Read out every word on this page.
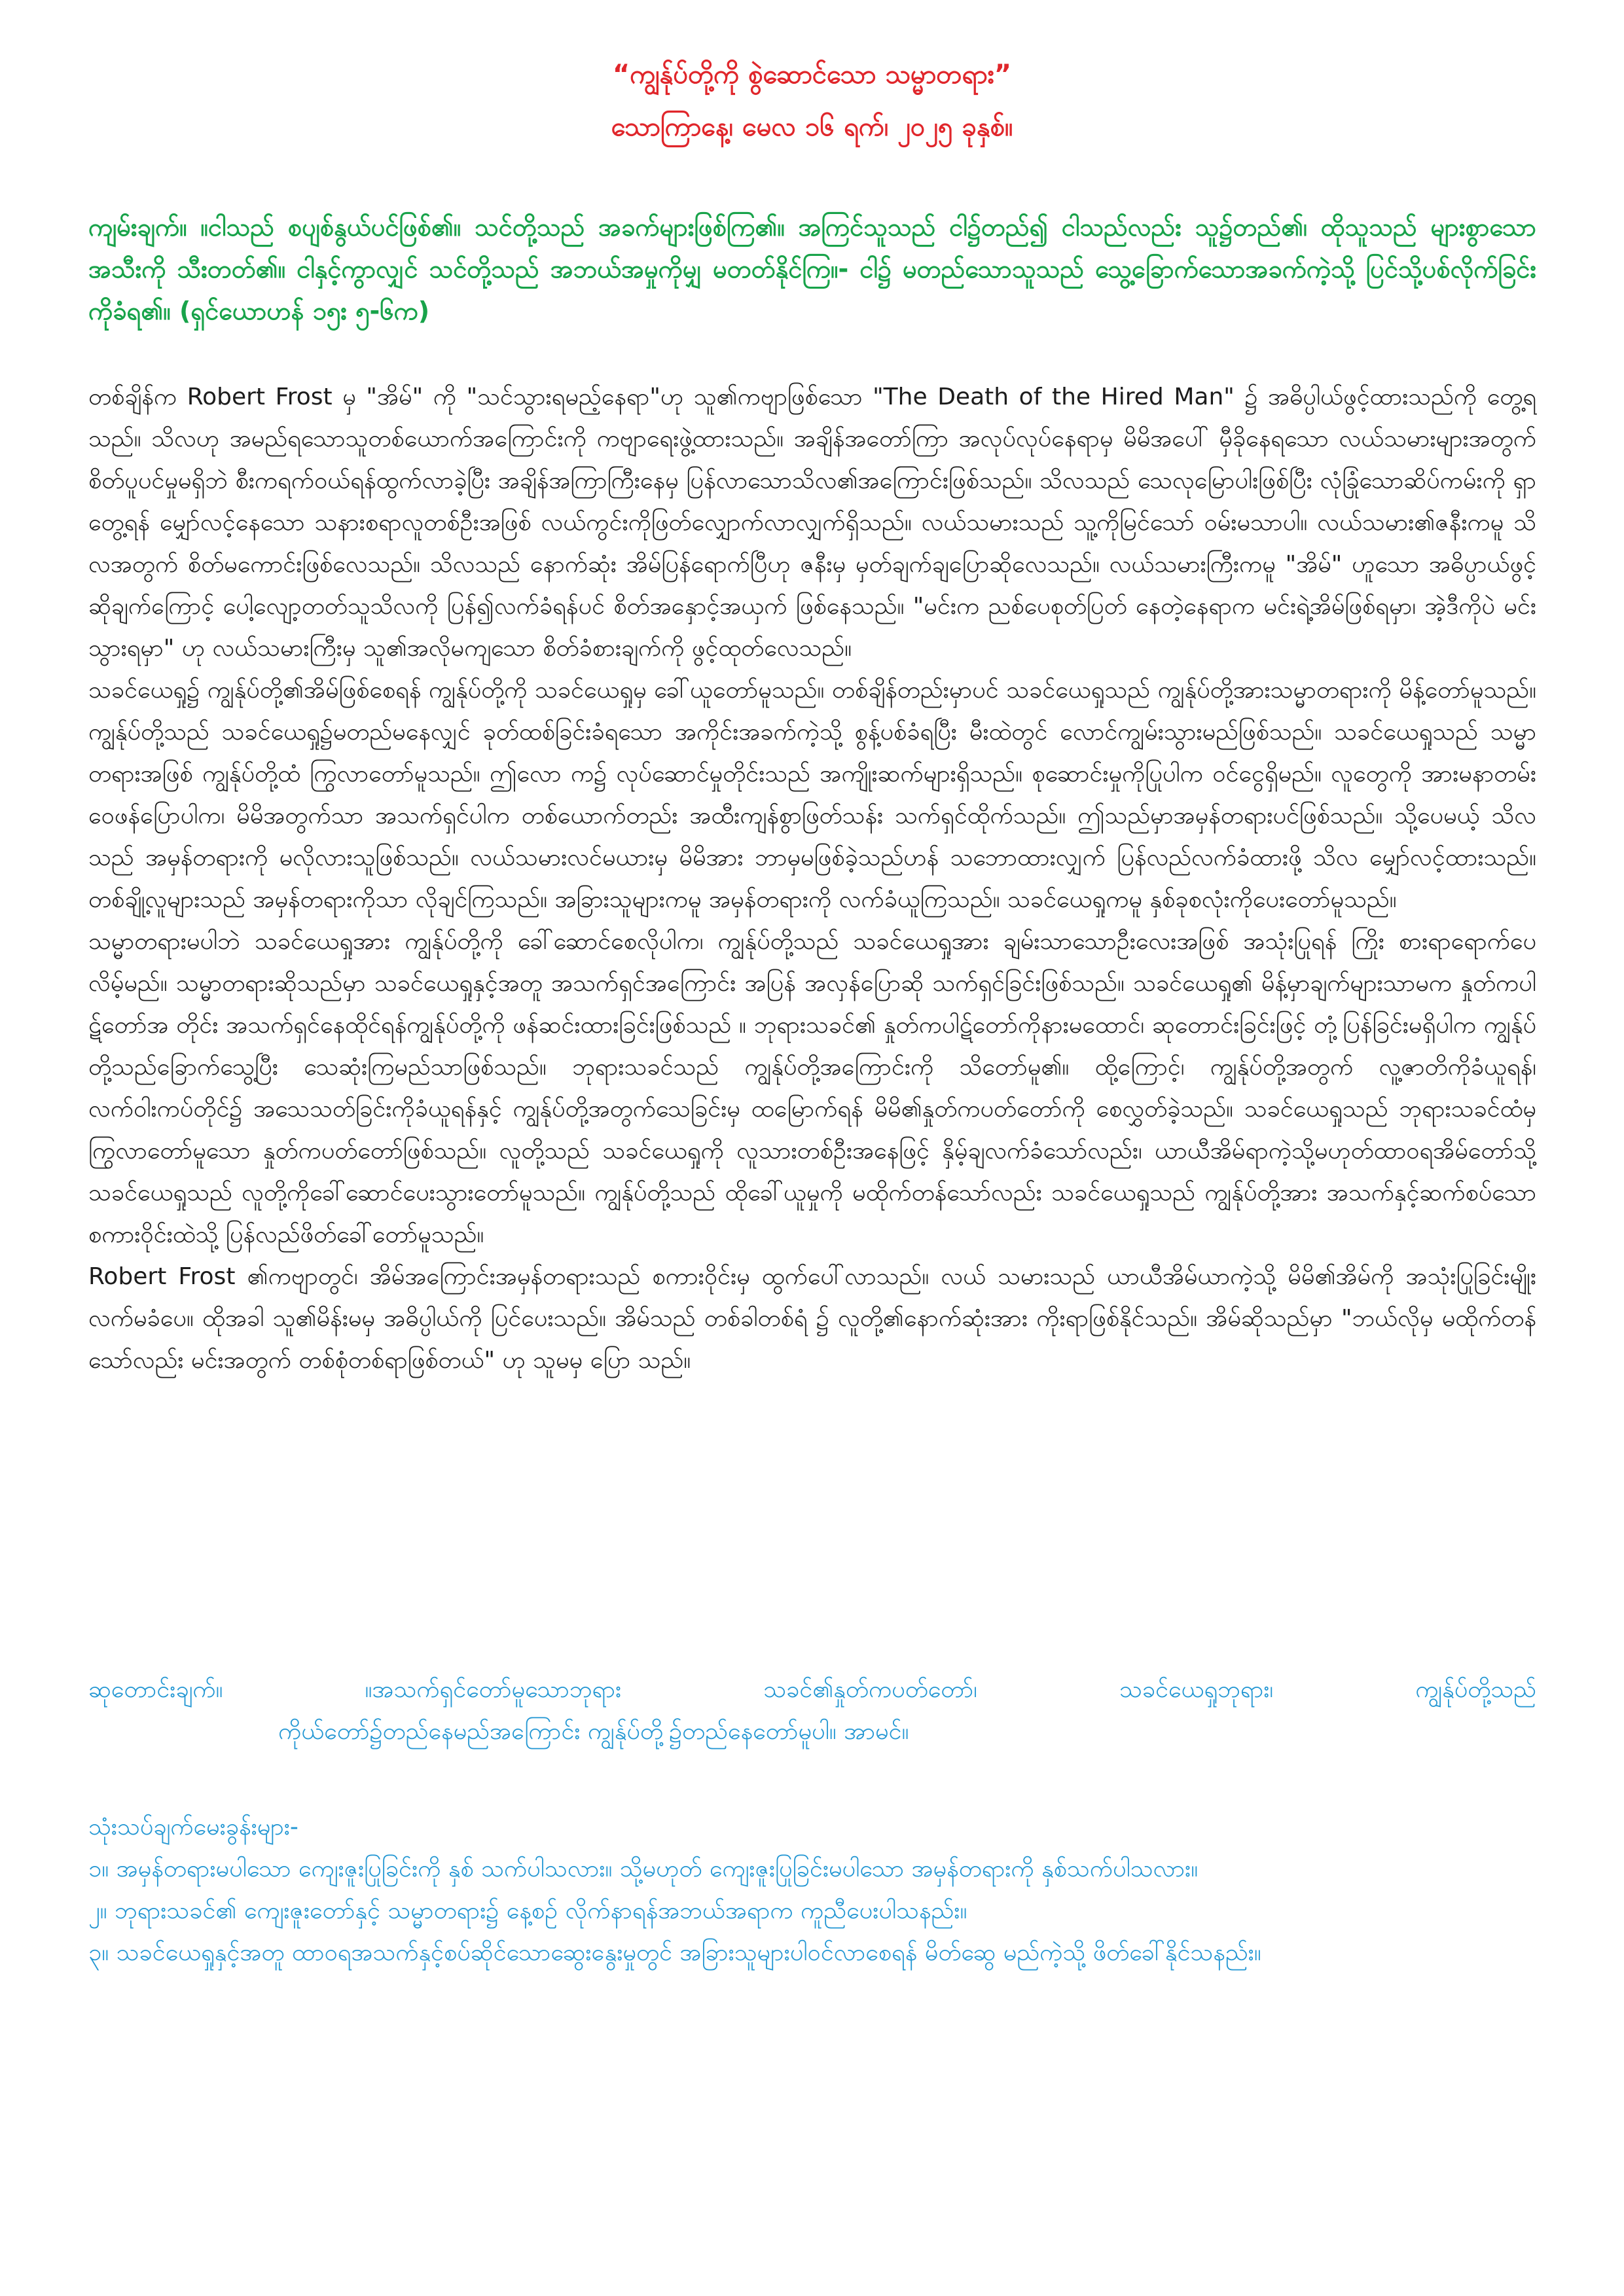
“ကျွန်ုပ်တို့ကို စွဲဆောင်သော သမ္မာတရား”
သောကြာနေ့၊ မေလ ၁၆ ရက်၊ ၂၀၂၅ ခုနှစ်။
ကျမ်းချက်။ ။ငါသည် စပျစ်နွယ်ပင်ဖြစ်၏။ သင်တို့သည် အခက်များဖြစ်ကြ၏။ အကြင်သူသည် ငါ၌တည်၍ ငါသည်လည်း သူ၌တည်၏၊ ထိုသူသည် များစွာသောအသီးကို သီးတတ်၏။ ငါနှင့်ကွာလျှင် သင်တို့သည် အဘယ်အမှုကိုမျှ မတတ်နိုင်ကြ။- ငါ၌ မတည်သောသူသည် သွေ့ခြောက်သောအခက်ကဲ့သို့ ပြင်သို့ပစ်လိုက်ခြင်းကိုခံရ၏။ (ရှင်ယောဟန် ၁၅း ၅-၆က)

တစ်ချိန်က Robert Frost မှ "အိမ်" ကို "သင်သွားရမည့်နေရာ"ဟု သူ၏ကဗျာဖြစ်သော "The Death of the Hired Man" ၌ အဓိပ္ပါယ်ဖွင့်ထားသည်ကို တွေ့ရသည်။ သိလဟု အမည်ရသောသူတစ်ယောက်အကြောင်းကို ကဗျာရေးဖွဲ့ထားသည်။ အချိန်အတော်ကြာ အလုပ်လုပ်နေရာမှ မိမိအပေါ် မှီခိုနေရသော လယ်သမားများအတွက် စိတ်ပူပင်မှုမရှိဘဲ စီးကရက်ဝယ်ရန်ထွက်လာခဲ့ပြီး အချိန်အကြာကြီးနေမှ ပြန်လာသောသိလ၏အကြောင်းဖြစ်သည်။ သိလသည် သေလုမြောပါးဖြစ်ပြီး လုံခြုံသောဆိပ်ကမ်းကို ရှာတွေ့ရန် မျှော်လင့်နေသော သနားစရာလူတစ်ဦးအဖြစ် လယ်ကွင်းကိုဖြတ်လျှောက်လာလျှက်ရှိသည်။ လယ်သမားသည် သူ့ကိုမြင်သော် ဝမ်းမသာပါ။ လယ်သမား၏ဇနီးကမူ သိလအတွက် စိတ်မကောင်းဖြစ်လေသည်။ သိလသည် နောက်ဆုံး အိမ်ပြန်ရောက်ပြီဟု ဇနီးမှ မှတ်ချက်ချပြောဆိုလေသည်။ လယ်သမားကြီးကမူ "အိမ်" ဟူသော အဓိပ္ပာယ်ဖွင့်ဆိုချက်ကြောင့် ပေါ့လျော့တတ်သူသိလကို ပြန်၍လက်ခံရန်ပင် စိတ်အနှောင့်အယှက် ဖြစ်နေသည်။ "မင်းက ညစ်ပေစုတ်ပြတ် နေတဲ့နေရာက မင်းရဲ့အိမ်ဖြစ်ရမှာ၊ အဲ့ဒီကိုပဲ မင်းသွားရမှာ" ဟု လယ်သမားကြီးမှ သူ၏အလိုမကျသော စိတ်ခံစားချက်ကို ဖွင့်ထုတ်လေသည်။

သခင်ယေရှု၌ ကျွန်ုပ်တို့၏အိမ်ဖြစ်စေရန် ကျွန်ုပ်တို့ကို သခင်ယေရှုမှ ခေါ်ယူတော်မူသည်။ တစ်ချိန်တည်းမှာပင် သခင်ယေရှုသည် ကျွန်ုပ်တို့အားသမ္မာတရားကို မိန့်တော်မူသည်။ ကျွန်ုပ်တို့သည် သခင်ယေရှု၌မတည်မနေလျှင် ခုတ်ထစ်ခြင်းခံရသော အကိုင်းအခက်ကဲ့သို့ စွန့်ပစ်ခံရပြီး မီးထဲတွင် လောင်ကျွမ်းသွားမည်ဖြစ်သည်။ သခင်ယေရှုသည် သမ္မာတရားအဖြစ် ကျွန်ုပ်တို့ထံ ကြွလာတော်မူသည်။ ဤလော က၌ လုပ်ဆောင်မှုတိုင်းသည် အကျိုးဆက်များရှိသည်။ စုဆောင်းမှုကိုပြုပါက ဝင်ငွေရှိမည်။ လူတွေကို အားမနာတမ်းဝေဖန်ပြောပါက၊ မိမိအတွက်သာ အသက်ရှင်ပါက တစ်ယောက်တည်း အထီးကျန်စွာဖြတ်သန်း သက်ရှင်ထိုက်သည်။ ဤသည်မှာအမှန်တရားပင်ဖြစ်သည်။ သို့ပေမယ့် သိလသည် အမှန်တရားကို မလိုလားသူဖြစ်သည်။ လယ်သမားလင်မယားမှ မိမိအား ဘာမှမဖြစ်ခဲ့သည်ဟန် သဘောထားလျှက် ပြန်လည်လက်ခံထားဖို့ သိလ မျှော်လင့်ထားသည်။ တစ်ချို့လူများသည် အမှန်တရားကိုသာ လိုချင်ကြသည်။ အခြားသူများကမူ အမှန်တရားကို လက်ခံယူကြသည်။ သခင်ယေရှုကမူ နှစ်ခုစလုံးကိုပေးတော်မူသည်။

သမ္မာတရားမပါဘဲ သခင်ယေရှုအား ကျွန်ုပ်တို့ကို ခေါ်ဆောင်စေလိုပါက၊ ကျွန်ုပ်တို့သည် သခင်ယေရှုအား ချမ်းသာသောဦးလေးအဖြစ် အသုံးပြုရန် ကြိုး စားရာရောက်ပေလိမ့်မည်။ သမ္မာတရားဆိုသည်မှာ သခင်ယေရှုနှင့်အတူ အသက်ရှင်အကြောင်း အပြန် အလှန်ပြောဆို သက်ရှင်ခြင်းဖြစ်သည်။ သခင်ယေရှု၏ မိန့်မှာချက်များသာမက နှုတ်ကပါဋ်တော်အ တိုင်း အသက်ရှင်နေထိုင်ရန်ကျွန်ုပ်တို့ကို ဖန်ဆင်းထားခြင်းဖြစ်သည် ။ ဘုရားသခင်၏ နှုတ်ကပါဋ်တော်ကိုနားမထောင်၊ ဆုတောင်းခြင်းဖြင့် တုံ့ပြန်ခြင်းမရှိပါက ကျွန်ုပ်တို့သည်ခြောက်သွေ့ပြီး သေဆုံးကြမည်သာဖြစ်သည်။ ဘုရားသခင်သည် ကျွန်ုပ်တို့အကြောင်းကို သိတော်မူ၏။ ထို့ကြောင့်၊ ကျွန်ုပ်တို့အတွက် လူ့ဇာတိကိုခံယူရန်၊ လက်ဝါးကပ်တိုင်၌ အသေသတ်ခြင်းကိုခံယူရန်နှင့် ကျွန်ုပ်တို့အတွက်သေခြင်းမှ ထမြောက်ရန် မိမိ၏နှုတ်ကပတ်တော်ကို စေလွှတ်ခဲ့သည်။ သခင်ယေရှုသည် ဘုရားသခင်ထံမှ ကြွလာတော်မူသော နှုတ်ကပတ်တော်ဖြစ်သည်။ လူတို့သည် သခင်ယေရှုကို လူသားတစ်ဦးအနေဖြင့် နှိမ့်ချလက်ခံသော်လည်း၊ ယာယီအိမ်ရာကဲ့သို့မဟုတ်ထာဝရအိမ်တော်သို့ သခင်ယေရှုသည် လူတို့ကိုခေါ်ဆောင်ပေးသွားတော်မူသည်။ ကျွန်ုပ်တို့သည် ထိုခေါ်ယူမှုကို မထိုက်တန်သော်လည်း သခင်ယေရှုသည် ကျွန်ုပ်တို့အား အသက်နှင့်ဆက်စပ်သောစကားဝိုင်းထဲသို့ ပြန်လည်ဖိတ်ခေါ်တော်မူသည်။

Robert Frost ၏ကဗျာတွင်၊ အိမ်အကြောင်းအမှန်တရားသည် စကားဝိုင်းမှ ထွက်ပေါ်လာသည်။ လယ် သမားသည် ယာယီအိမ်ယာကဲ့သို့ မိမိ၏အိမ်ကို အသုံးပြုခြင်းမျိုး လက်မခံပေ။ ထိုအခါ သူ၏မိန်းမမှ အဓိပ္ပါယ်ကို ပြင်ပေးသည်။ အိမ်သည် တစ်ခါတစ်ရံ ၌ လူတို့၏နောက်ဆုံးအား ကိုးရာဖြစ်နိုင်သည်။ အိမ်ဆိုသည်မှာ "ဘယ်လိုမှ မထိုက်တန်သော်လည်း မင်းအတွက် တစ်စုံတစ်ရာဖြစ်တယ်" ဟု သူမမှ ပြော သည်။

ဆုတောင်းချက်။	။အသက်ရှင်တော်မူသောဘုရား	သခင်၏နှုတ်ကပတ်တော်၊	သခင်ယေရှုဘုရား၊	ကျွန်ုပ်တို့သည်
ကိုယ်တော်၌တည်နေမည်အကြောင်း ကျွန်ုပ်တို့၌တည်နေတော်မူပါ။ အာမင်။

သုံးသပ်ချက်မေးခွန်းများ-

၁။ အမှန်တရားမပါသော ကျေးဇူးပြုခြင်းကို နှစ် သက်ပါသလား။ သို့မဟုတ် ကျေးဇူးပြုခြင်းမပါသော အမှန်တရားကို နှစ်သက်ပါသလား။

၂။ ဘုရားသခင်၏ ကျေးဇူးတော်နှင့် သမ္မာတရား၌ နေ့စဉ် လိုက်နာရန်အဘယ်အရာက ကူညီပေးပါသနည်း။

၃။ သခင်ယေရှုနှင့်အတူ ထာဝရအသက်နှင့်စပ်ဆိုင်သောဆွေးနွေးမှုတွင် အခြားသူများပါဝင်လာစေရန် မိတ်ဆွေ မည်ကဲ့သို့ ဖိတ်ခေါ်နိုင်သနည်း။
